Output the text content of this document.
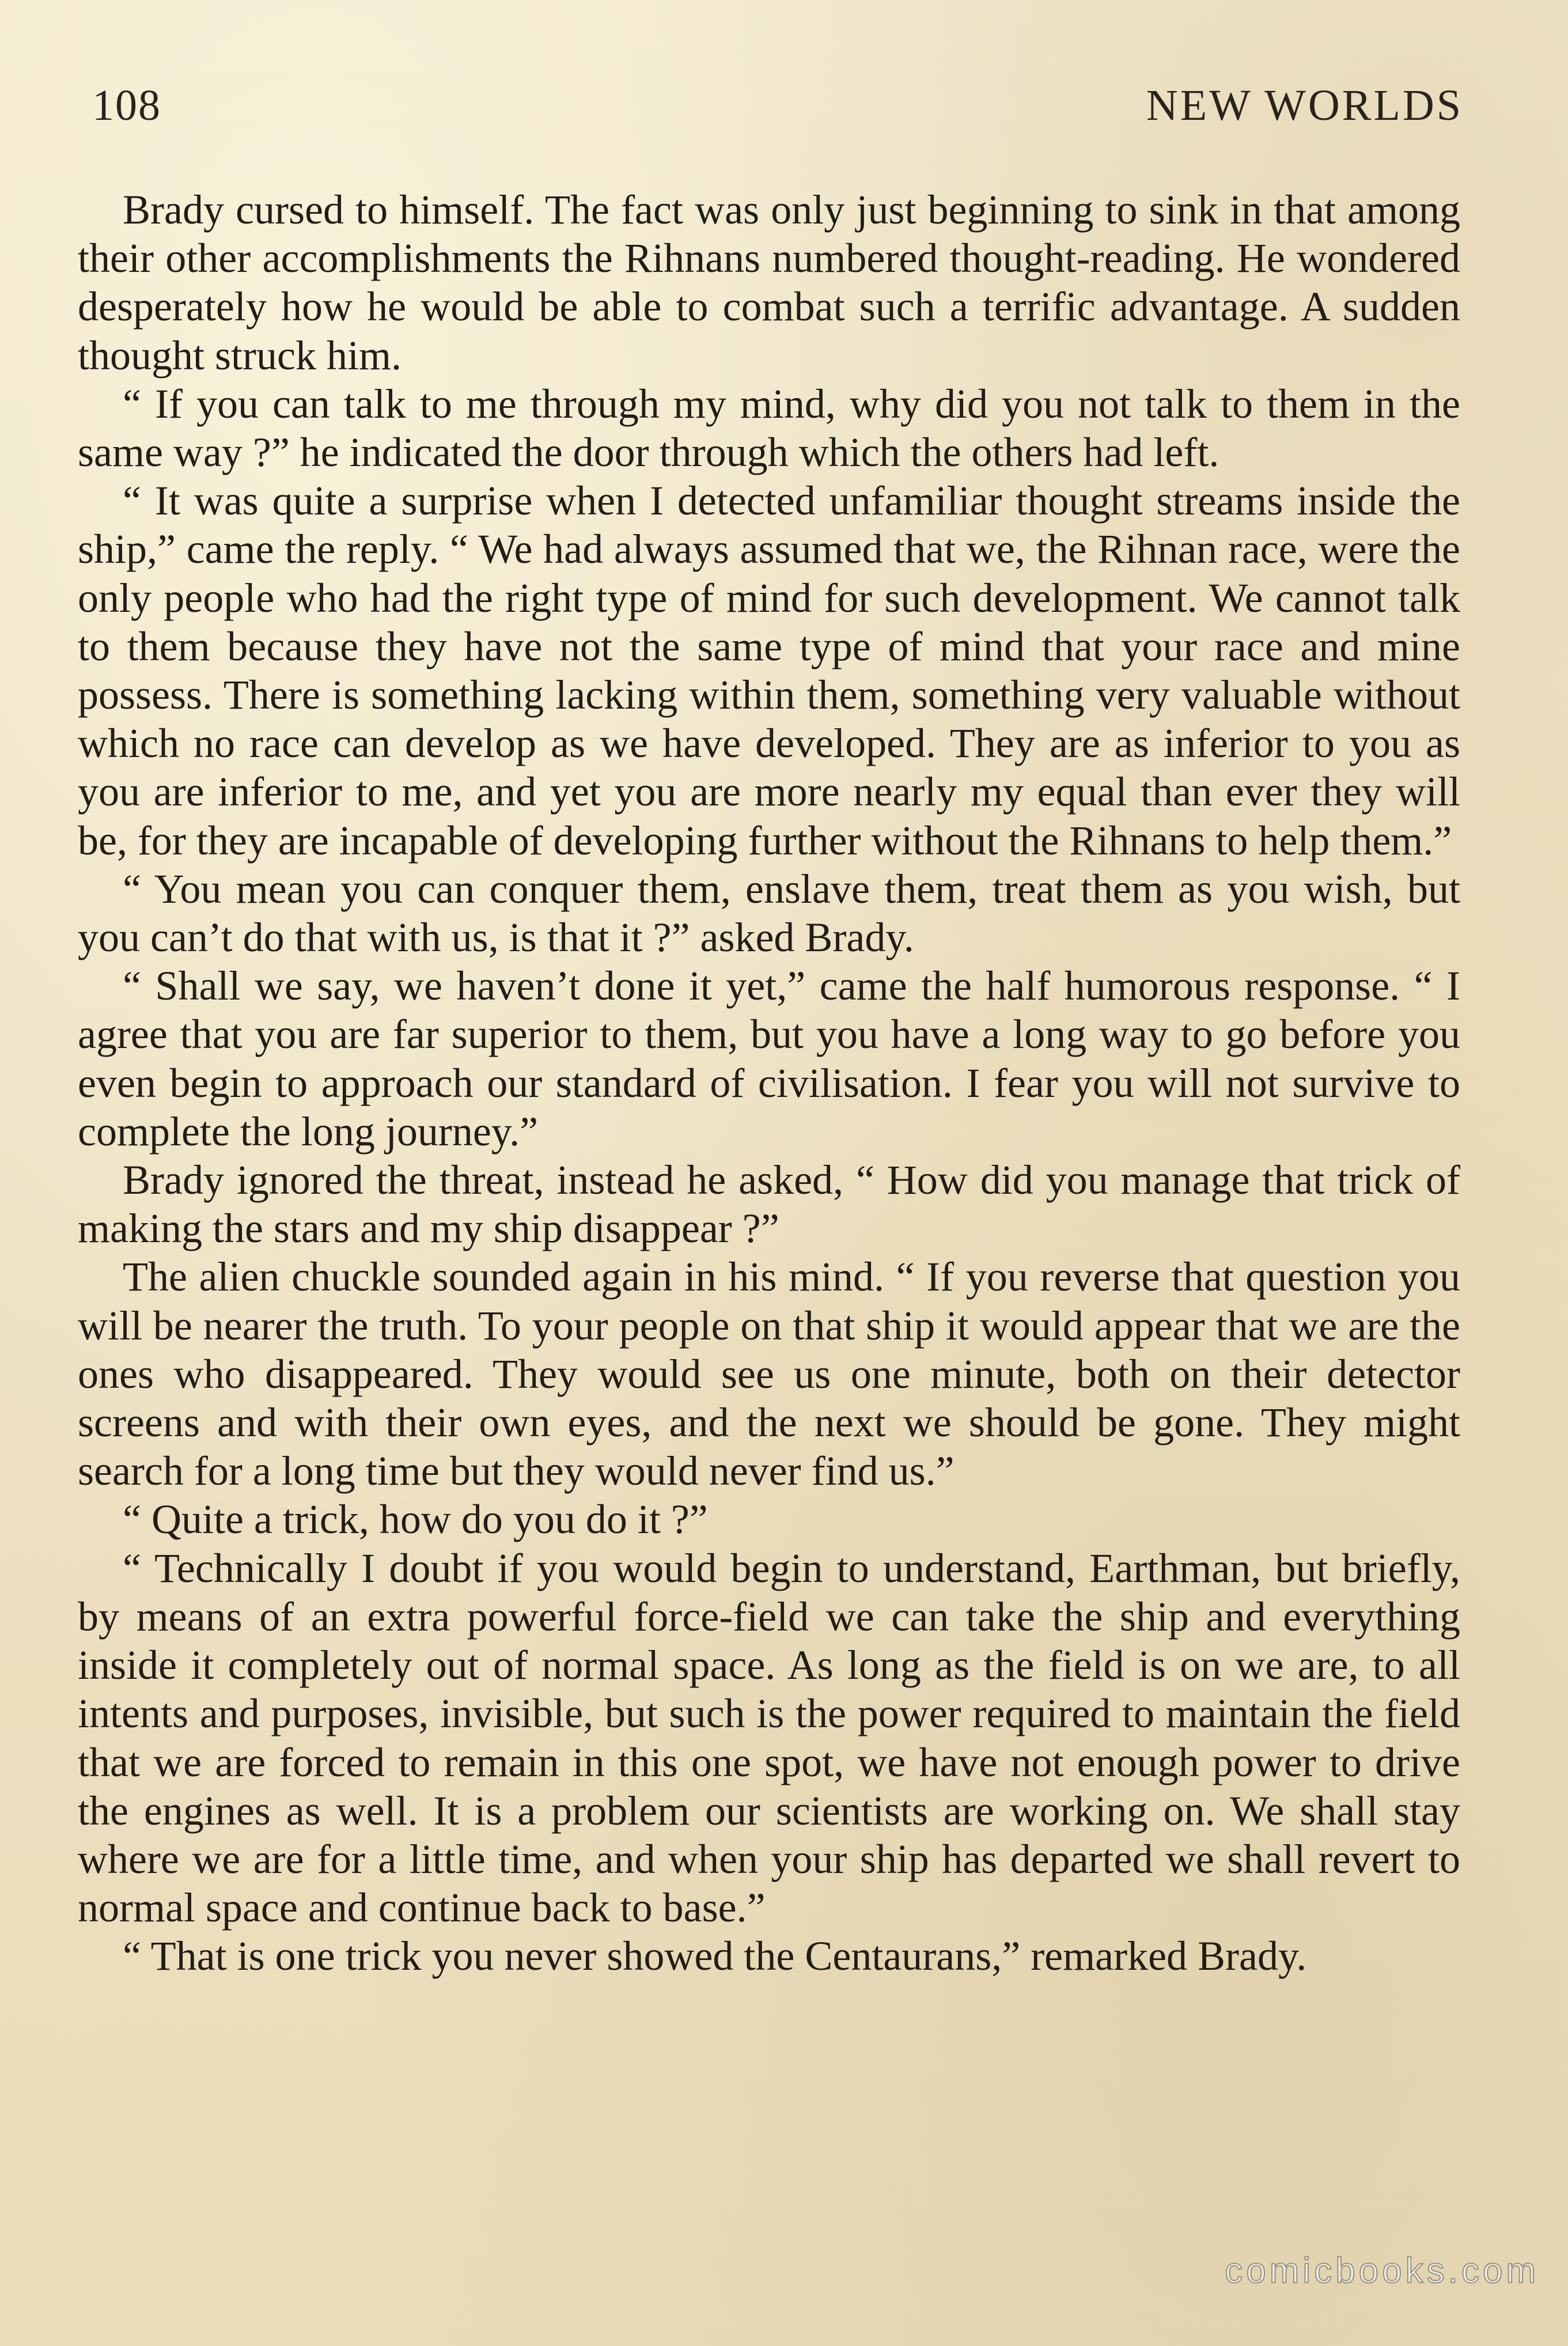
108	NEW WORLDS

Brady cursed to himself. The fact was only just beginning to sink in that among their other accomplishments the Rihnans numbered thought-reading. He wondered desperately how he would be able to combat such a terrific advantage. A sudden thought struck him.

“ If you can talk to me through my mind, why did you not talk to them in the same way ?” he indicated the door through which the others had left.

“ It was quite a surprise when I detected unfamiliar thought streams inside the ship,” came the reply. “ We had always assumed that we, the Rihnan race, were the only people who had the right type of mind for such development. We cannot talk to them because they have not the same type of mind that your race and mine possess. There is something lacking within them, something very valuable without which no race can develop as we have developed. They are as inferior to you as you are inferior to me, and yet you are more nearly my equal than ever they will be, for they are incapable of developing further without the Rihnans to help them.”

“ You mean you can conquer them, enslave them, treat them as you wish, but you can’t do that with us, is that it ?” asked Brady.

“ Shall we say, we haven’t done it yet,” came the half humorous response. “ I agree that you are far superior to them, but you have a long way to go before you even begin to approach our standard of civilisation. I fear you will not survive to complete the long journey.”

Brady ignored the threat, instead he asked, “ How did you manage that trick of making the stars and my ship disappear ?”

The alien chuckle sounded again in his mind. “ If you reverse that question you will be nearer the truth. To your people on that ship it would appear that we are the ones who disappeared. They would see us one minute, both on their detector screens and with their own eyes, and the next we should be gone. They might search for a long time but they would never find us.”

“ Quite a trick, how do you do it ?”

“ Technically I doubt if you would begin to understand, Earthman, but briefly, by means of an extra powerful force-field we can take the ship and everything inside it completely out of normal space. As long as the field is on we are, to all intents and purposes, invisible, but such is the power required to maintain the field that we are forced to remain in this one spot, we have not enough power to drive the engines as well. It is a problem our scientists are working on. We shall stay where we are for a little time, and when your ship has departed we shall revert to normal space and continue back to base.”

“ That is one trick you never showed the Centaurans,” remarked Brady.

comicbooks.com
